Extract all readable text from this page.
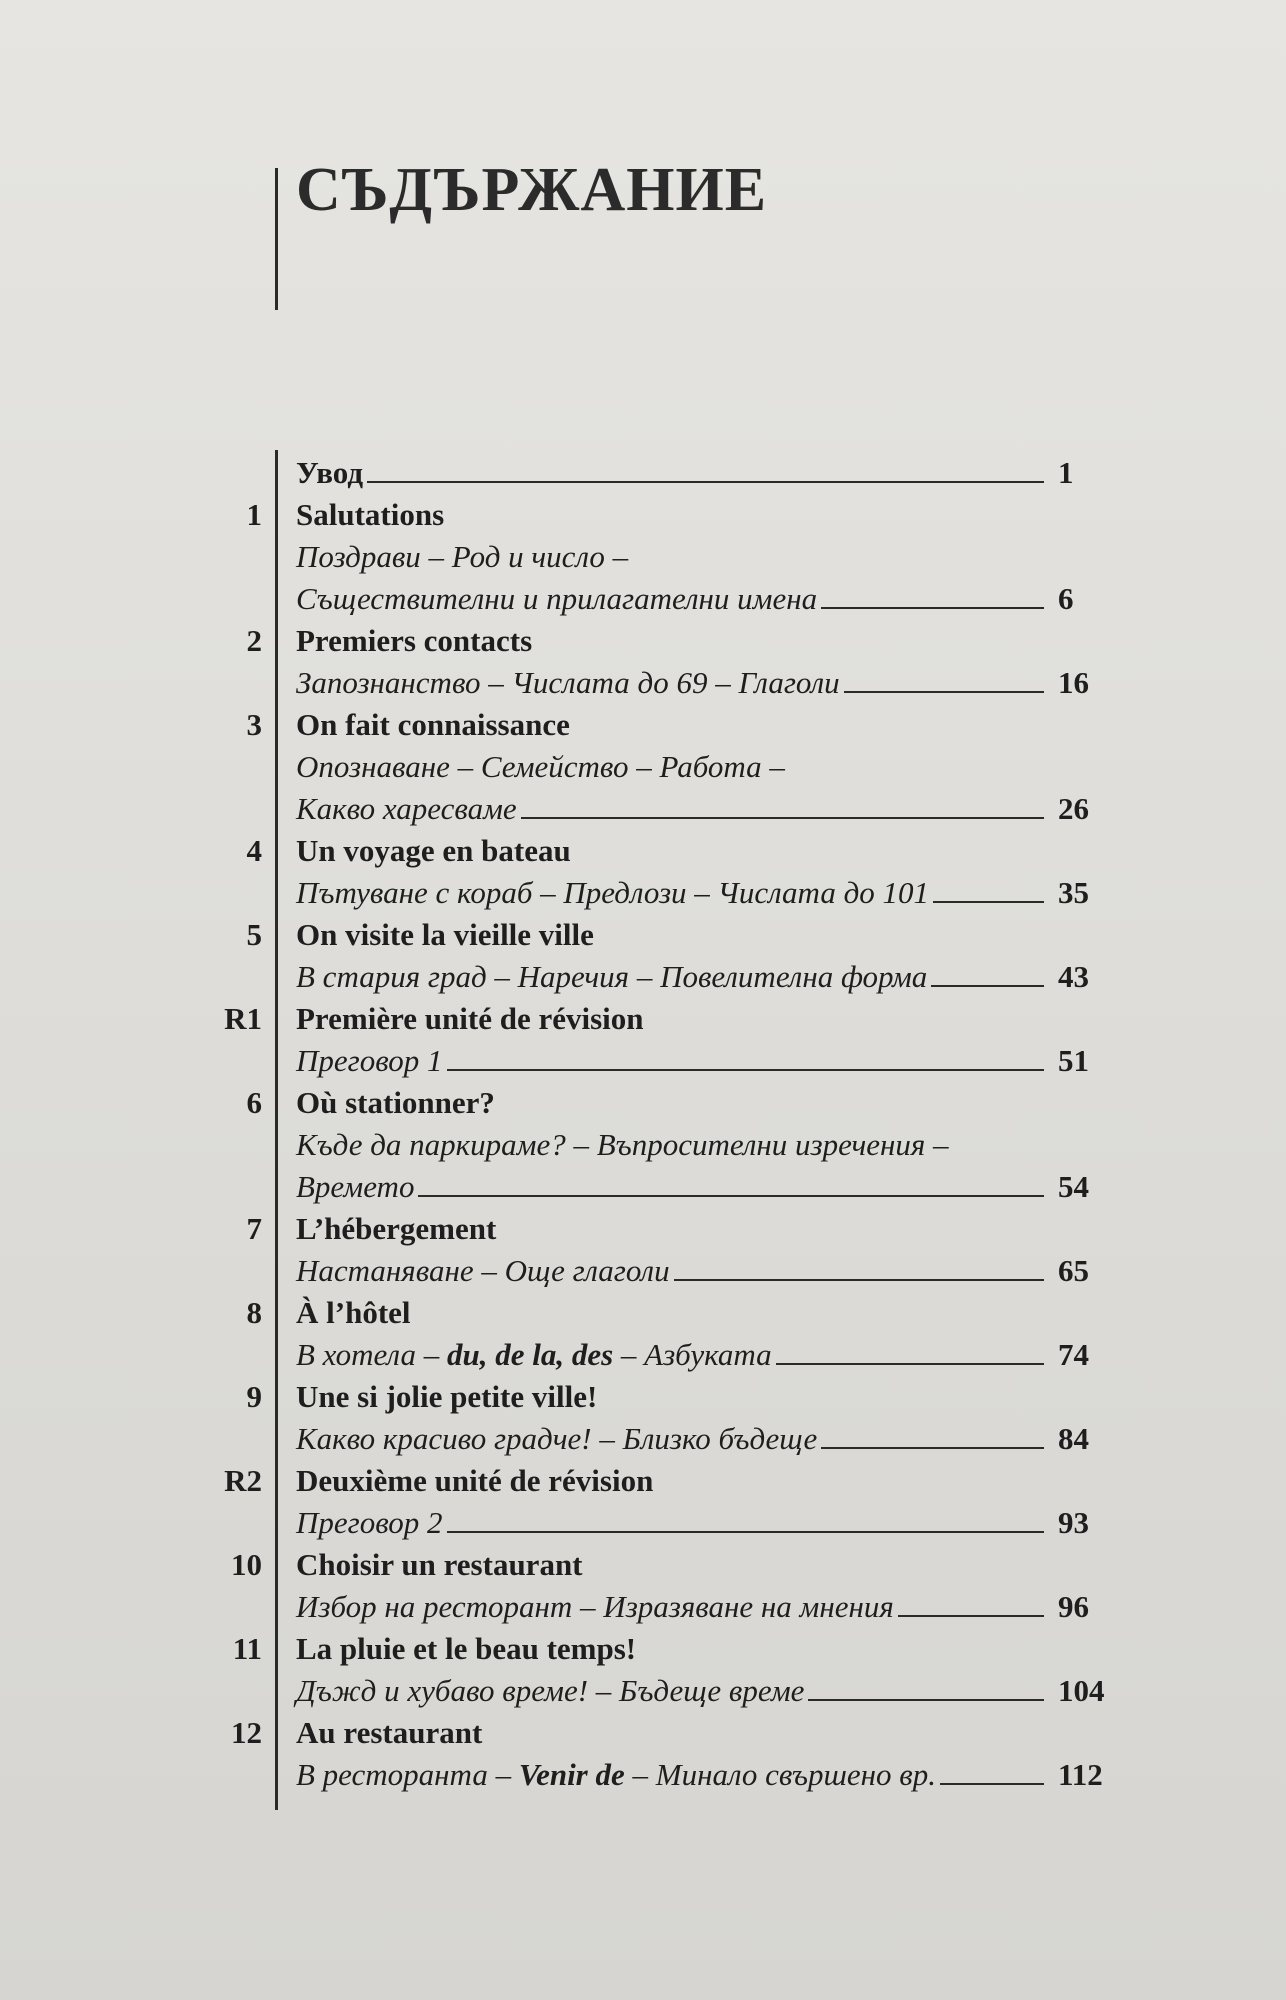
СЪДЪРЖАНИЕ
Увод	1
1 Salutations
Поздрави – Род и число –
Съществителни и прилагателни имена	6
2 Premiers contacts
Запознанство – Числата до 69 – Глаголи	16
3 On fait connaissance
Опознаване – Семейство – Работа –
Какво харесваме	26
4 Un voyage en bateau
Пътуване с кораб – Предлози – Числата до 101	35
5 On visite la vieille ville
В стария град – Наречия – Повелителна форма	43
R1 Première unité de révision
Преговор 1	51
6 Où stationner?
Къде да паркираме? – Въпросителни изречения –
Времето	54
7 L’hébergement
Настаняване – Още глаголи	65
8 À l’hôtel
В хотела – du, de la, des – Азбуката	74
9 Une si jolie petite ville!
Какво красиво градче! – Близко бъдеще	84
R2 Deuxième unité de révision
Преговор 2	93
10 Choisir un restaurant
Избор на ресторант – Изразяване на мнения	96
11 La pluie et le beau temps!
Дъжд и хубаво време! – Бъдеще време	104
12 Au restaurant
В ресторанта – Venir de – Минало свършено вр.	112
